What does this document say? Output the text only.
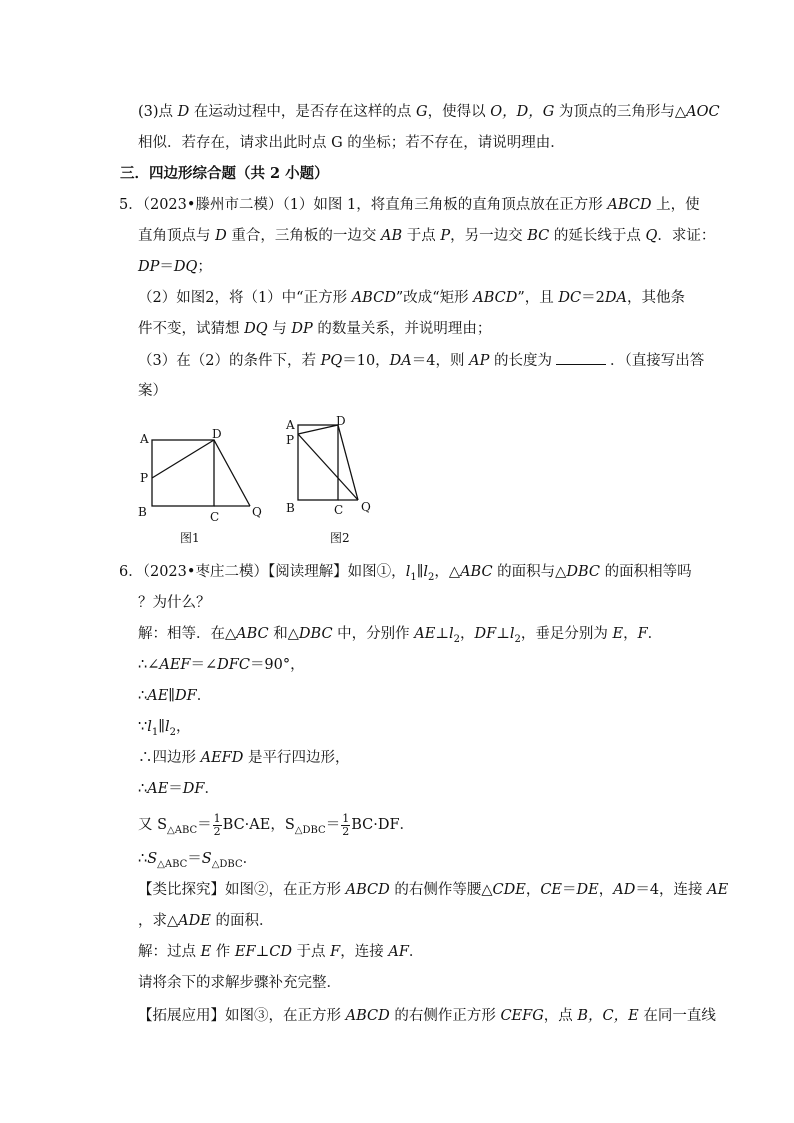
(3)点 D 在运动过程中，是否存在这样的点 G，使得以 O，D，G 为顶点的三角形与△AOC
相似．若存在，请求出此时点 G 的坐标；若不存在，请说明理由．
三．四边形综合题（共 2 小题）
5．（2023•滕州市二模）（1）如图 1，将直角三角板的直角顶点放在正方形 ABCD 上，使
直角顶点与 D 重合，三角板的一边交 AB 于点 P，另一边交 BC 的延长线于点 Q．求证：
DP＝DQ；
（2）如图2，将（1）中“正方形 ABCD”改成“矩形 ABCD”，且 DC＝2DA，其他条
件不变，试猜想 DQ 与 DP 的数量关系，并说明理由；
（3）在（2）的条件下，若 PQ＝10，DA＝4，则 AP 的长度为	．（直接写出答
案）
A
P
B	C
D
Q
图1
A
P
B	C
D
Q
图2
6．（2023•枣庄二模）【阅读理解】如图①，$l_1\parallel l_2$，△ABC 的面积与△DBC 的面积相等吗
？为什么？
解：相等．在△ABC 和△DBC 中，分别作 $AE\perp l_2$，$DF\perp l_2$，垂足分别为 E，F．
∴∠AEF＝∠DFC＝90°，
∴AE∥DF．
$\because l_1\parallel l_2$，
∴四边形 AEFD 是平行四边形，
∴AE＝DF．
又 $S_{\triangle ABC}= \frac{1}{2} BC\cdot AE$，$S_{\triangle DBC}= \frac{1}{2} BC\cdot DF$．
$\therefore S_{\triangle ABC}=S_{\triangle DBC}$．
【类比探究】如图②，在正方形 ABCD 的右侧作等腰△CDE，CE＝DE，AD＝4，连接 AE
，求△ADE 的面积．
解：过点 E 作 EF⊥CD 于点 F，连接 AF．
请将余下的求解步骤补充完整．
【拓展应用】如图③，在正方形 ABCD 的右侧作正方形 CEFG，点 B，C，E 在同一直线
